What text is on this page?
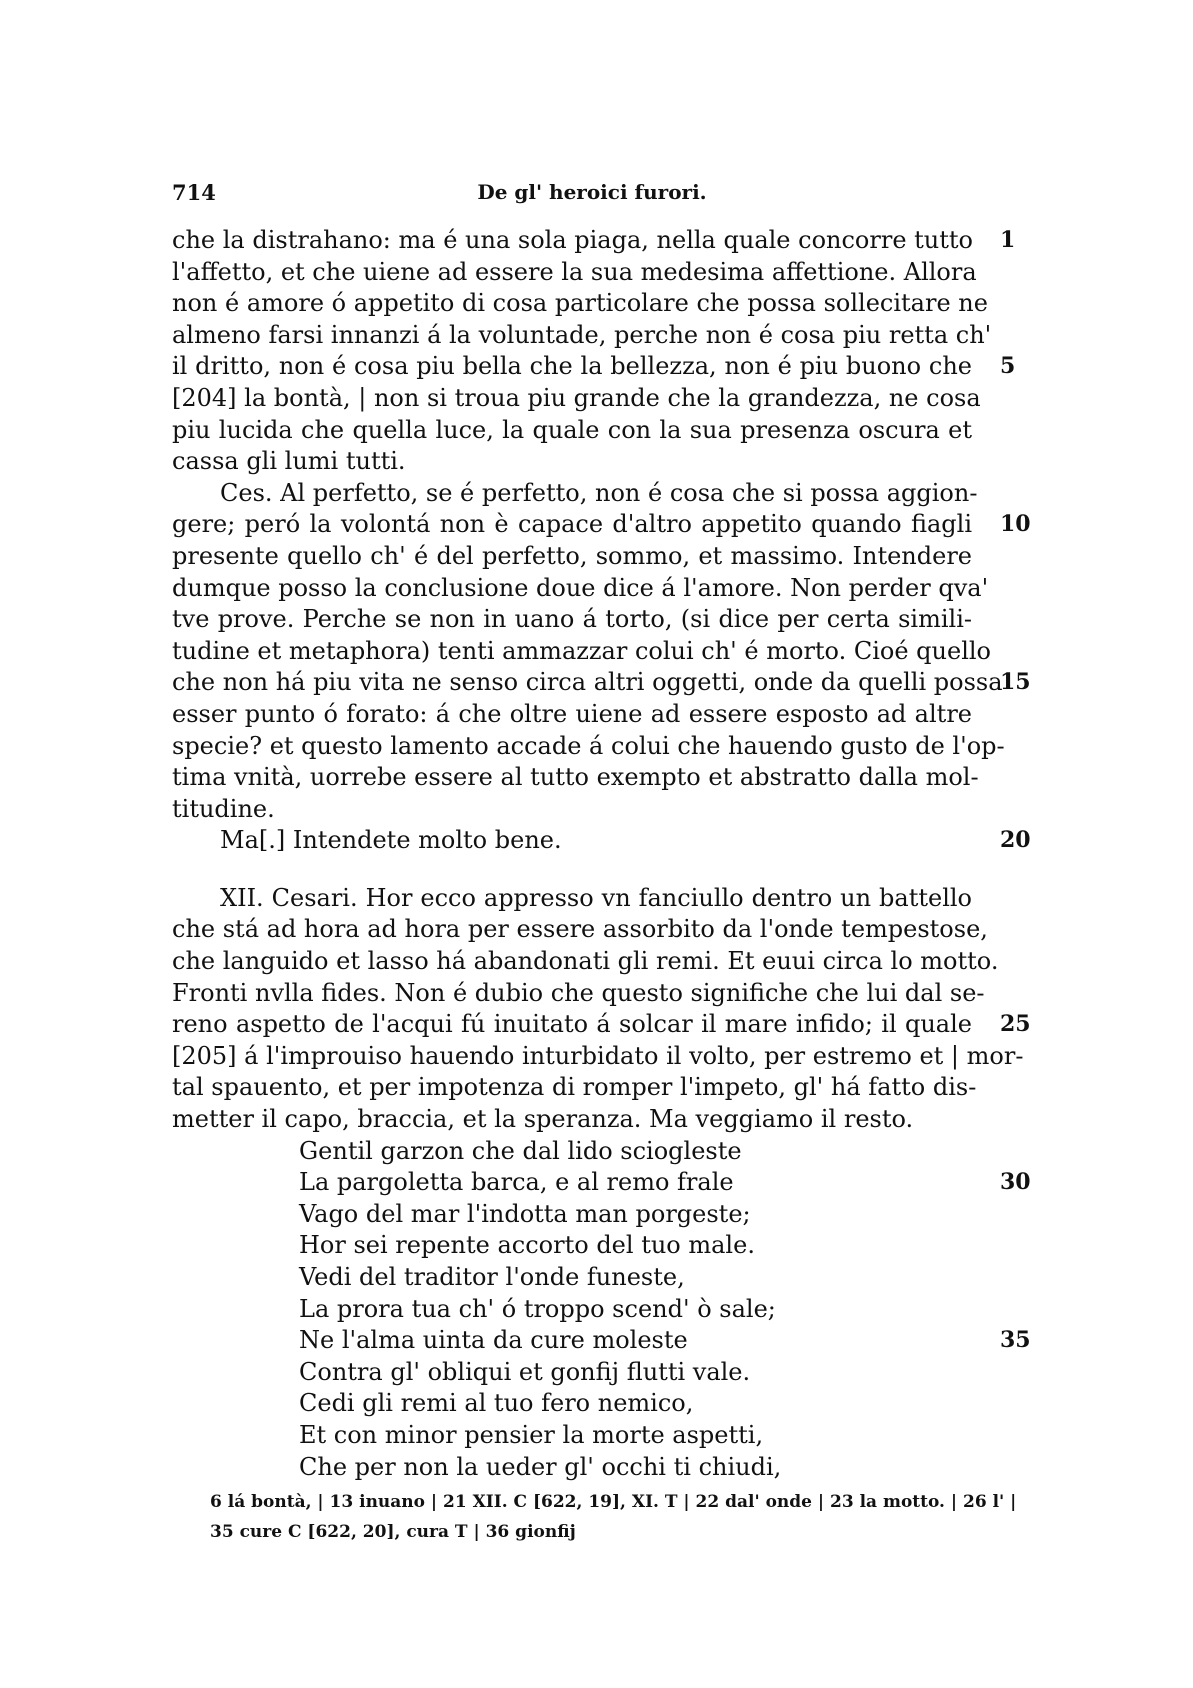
714	De gl' heroici furori.
che la distrahano: ma é una sola piaga, nella quale concorre tutto 1
l'affetto, et che uiene ad essere la sua medesima affettione. Allora
non é amore ó appetito di cosa particolare che possa sollecitare ne
almeno farsi innanzi á la voluntade, perche non é cosa piu retta ch'
il dritto, non é cosa piu bella che la bellezza, non é piu buono che 5
[204] la bontà, | non si troua piu grande che la grandezza, ne cosa
piu lucida che quella luce, la quale con la sua presenza oscura et
cassa gli lumi tutti.
Ces. Al perfetto, se é perfetto, non é cosa che si possa aggion-
gere; peró la volontá non è capace d'altro appetito quando fiagli 10
presente quello ch' é del perfetto, sommo, et massimo. Intendere
dumque posso la conclusione doue dice á l'amore. Non perder qva'
tve prove. Perche se non in uano á torto, (si dice per certa simili-
tudine et metaphora) tenti ammazzar colui ch' é morto. Cioé quello
che non há piu vita ne senso circa altri oggetti, onde da quelli possa
15
esser punto ó forato: á che oltre uiene ad essere esposto ad altre
specie? et questo lamento accade á colui che hauendo gusto de l'op-
tima vnità, uorrebe essere al tutto exempto et abstratto dalla mol-
titudine.
Ma[.] Intendete molto bene.	20
XII. Cesari. Hor ecco appresso vn fanciullo dentro un battello
che stá ad hora ad hora per essere assorbito da l'onde tempestose,
che languido et lasso há abandonati gli remi. Et euui circa lo motto.
Fronti nvlla fides. Non é dubio che questo significhe che lui dal se-
reno aspetto de l'acqui fú inuitato á solcar il mare infido; il quale 25
[205] á l'improuiso hauendo inturbidato il volto, per estremo et | mor-
tal spauento, et per impotenza di romper l'impeto, gl' há fatto dis-
metter il capo, braccia, et la speranza. Ma veggiamo il resto.
Gentil garzon che dal lido sciogleste
La pargoletta barca, e al remo frale	30
Vago del mar l'indotta man porgeste;
Hor sei repente accorto del tuo male.
Vedi del traditor l'onde funeste,
La prora tua ch' ó troppo scend' ò sale;
Ne l'alma uinta da cure moleste	35
Contra gl' obliqui et gonfij flutti vale.
Cedi gli remi al tuo fero nemico,
Et con minor pensier la morte aspetti,
Che per non la ueder gl' occhi ti chiudi,
6 lá bontà, | 13 inuano | 21 XII. C [622, 19], XI. T | 22 dal' onde | 23 la motto. | 26 l' |
35 cure C [622, 20], cura T | 36 gionfij
